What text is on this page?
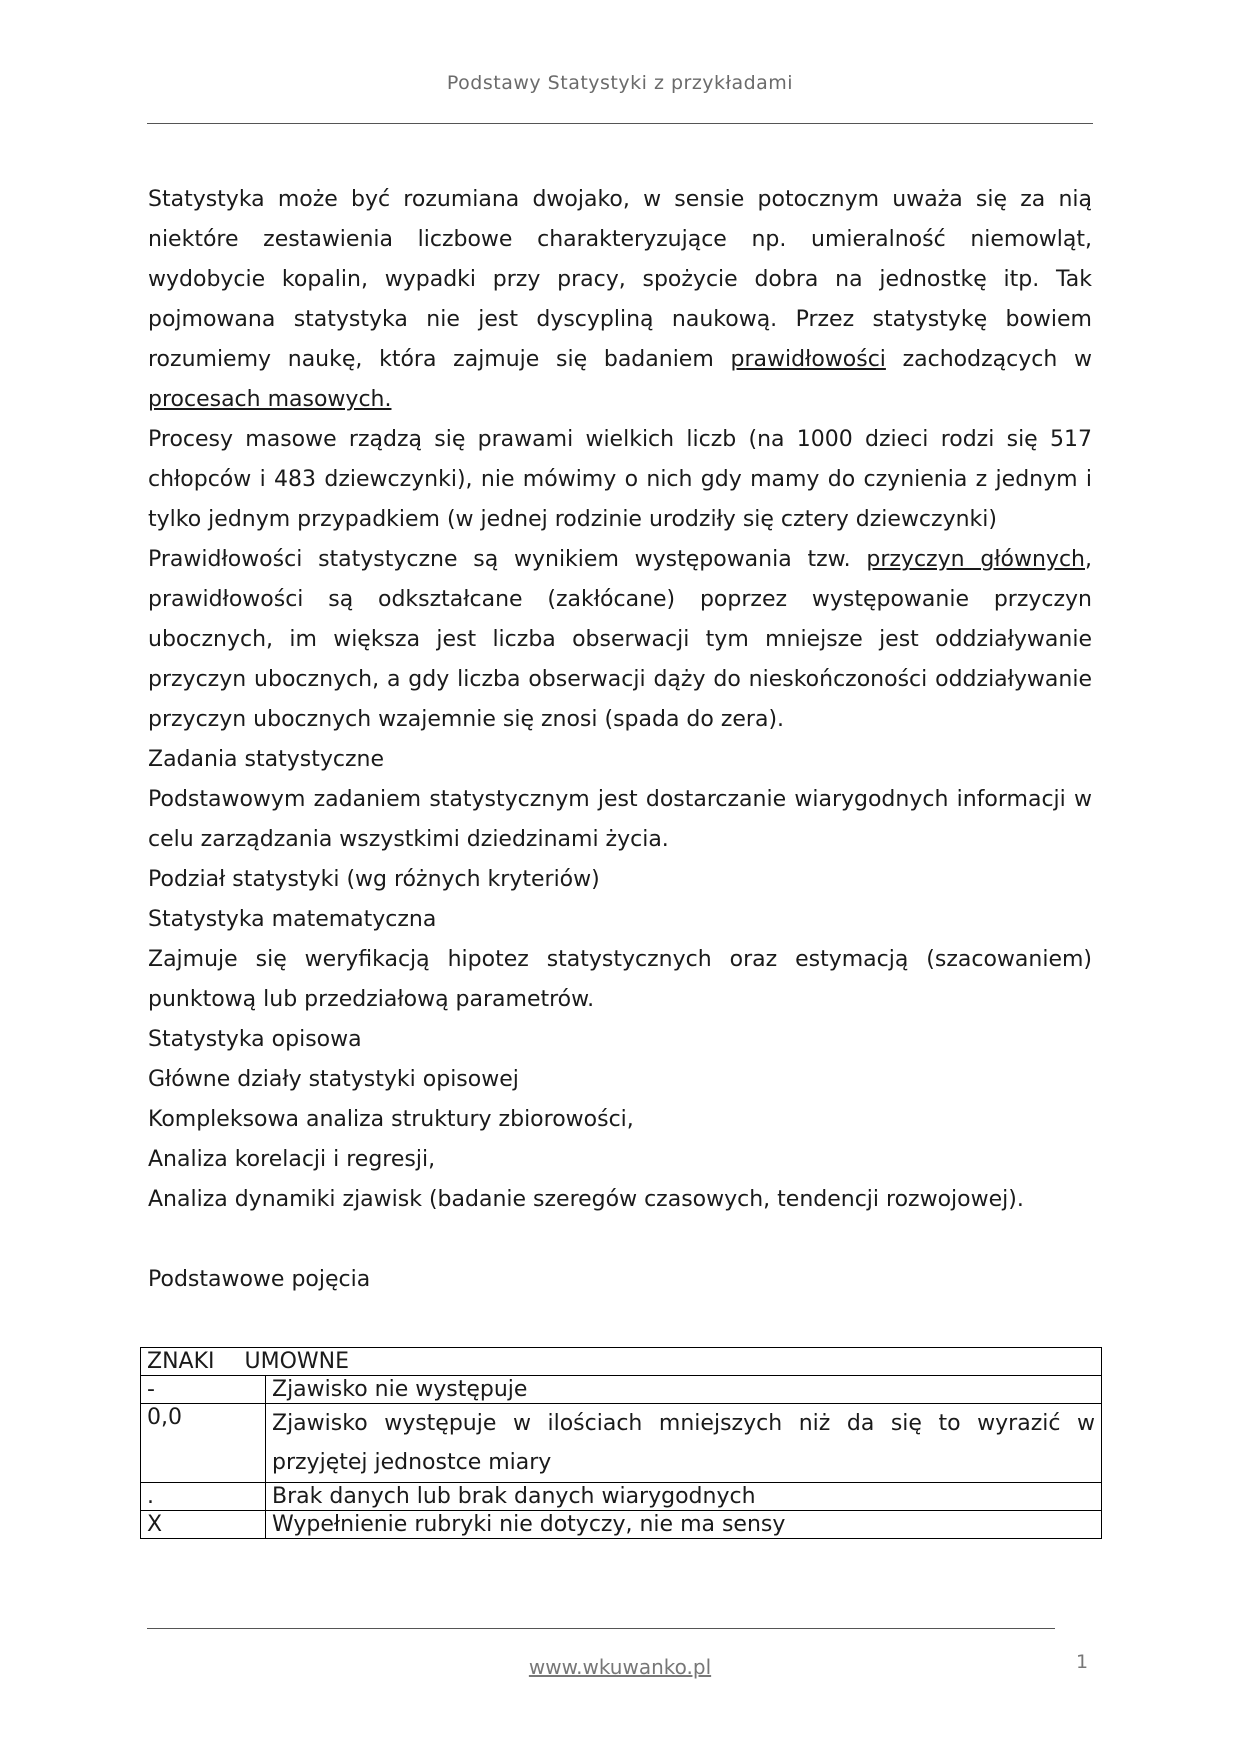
Podstawy Statystyki z przykładami

Statystyka może być rozumiana dwojako, w sensie potocznym uważa się za nią niektóre zestawienia liczbowe charakteryzujące np. umieralność niemowląt, wydobycie kopalin, wypadki przy pracy, spożycie dobra na jednostkę itp. Tak pojmowana statystyka nie jest dyscypliną naukową. Przez statystykę bowiem rozumiemy naukę, która zajmuje się badaniem prawidłowości zachodzących w procesach masowych.

Procesy masowe rządzą się prawami wielkich liczb (na 1000 dzieci rodzi się 517 chłopców i 483 dziewczynki), nie mówimy o nich gdy mamy do czynienia z jednym i tylko jednym przypadkiem (w jednej rodzinie urodziły się cztery dziewczynki)

Prawidłowości statystyczne są wynikiem występowania tzw. przyczyn głównych, prawidłowości są odkształcane (zakłócane) poprzez występowanie przyczyn ubocznych, im większa jest liczba obserwacji tym mniejsze jest oddziaływanie przyczyn ubocznych, a gdy liczba obserwacji dąży do nieskończoności oddziaływanie przyczyn ubocznych wzajemnie się znosi (spada do zera).

Zadania statystyczne

Podstawowym zadaniem statystycznym jest dostarczanie wiarygodnych informacji w celu zarządzania wszystkimi dziedzinami życia.

Podział statystyki (wg różnych kryteriów)

Statystyka matematyczna

Zajmuje się weryfikacją hipotez statystycznych oraz estymacją (szacowaniem) punktową lub przedziałową parametrów.

Statystyka opisowa

Główne działy statystyki opisowej

Kompleksowa analiza struktury zbiorowości,

Analiza korelacji i regresji,

Analiza dynamiki zjawisk (badanie szeregów czasowych, tendencji rozwojowej).

Podstawowe pojęcia

ZNAKI UMOWNE	
-	Zjawisko nie występuje
0,0	Zjawisko występuje w ilościach mniejszych niż da się to wyrazić w przyjętej jednostce miary
.	Brak danych lub brak danych wiarygodnych
X	Wypełnienie rubryki nie dotyczy, nie ma sensy
www.wkuwanko.pl	1
